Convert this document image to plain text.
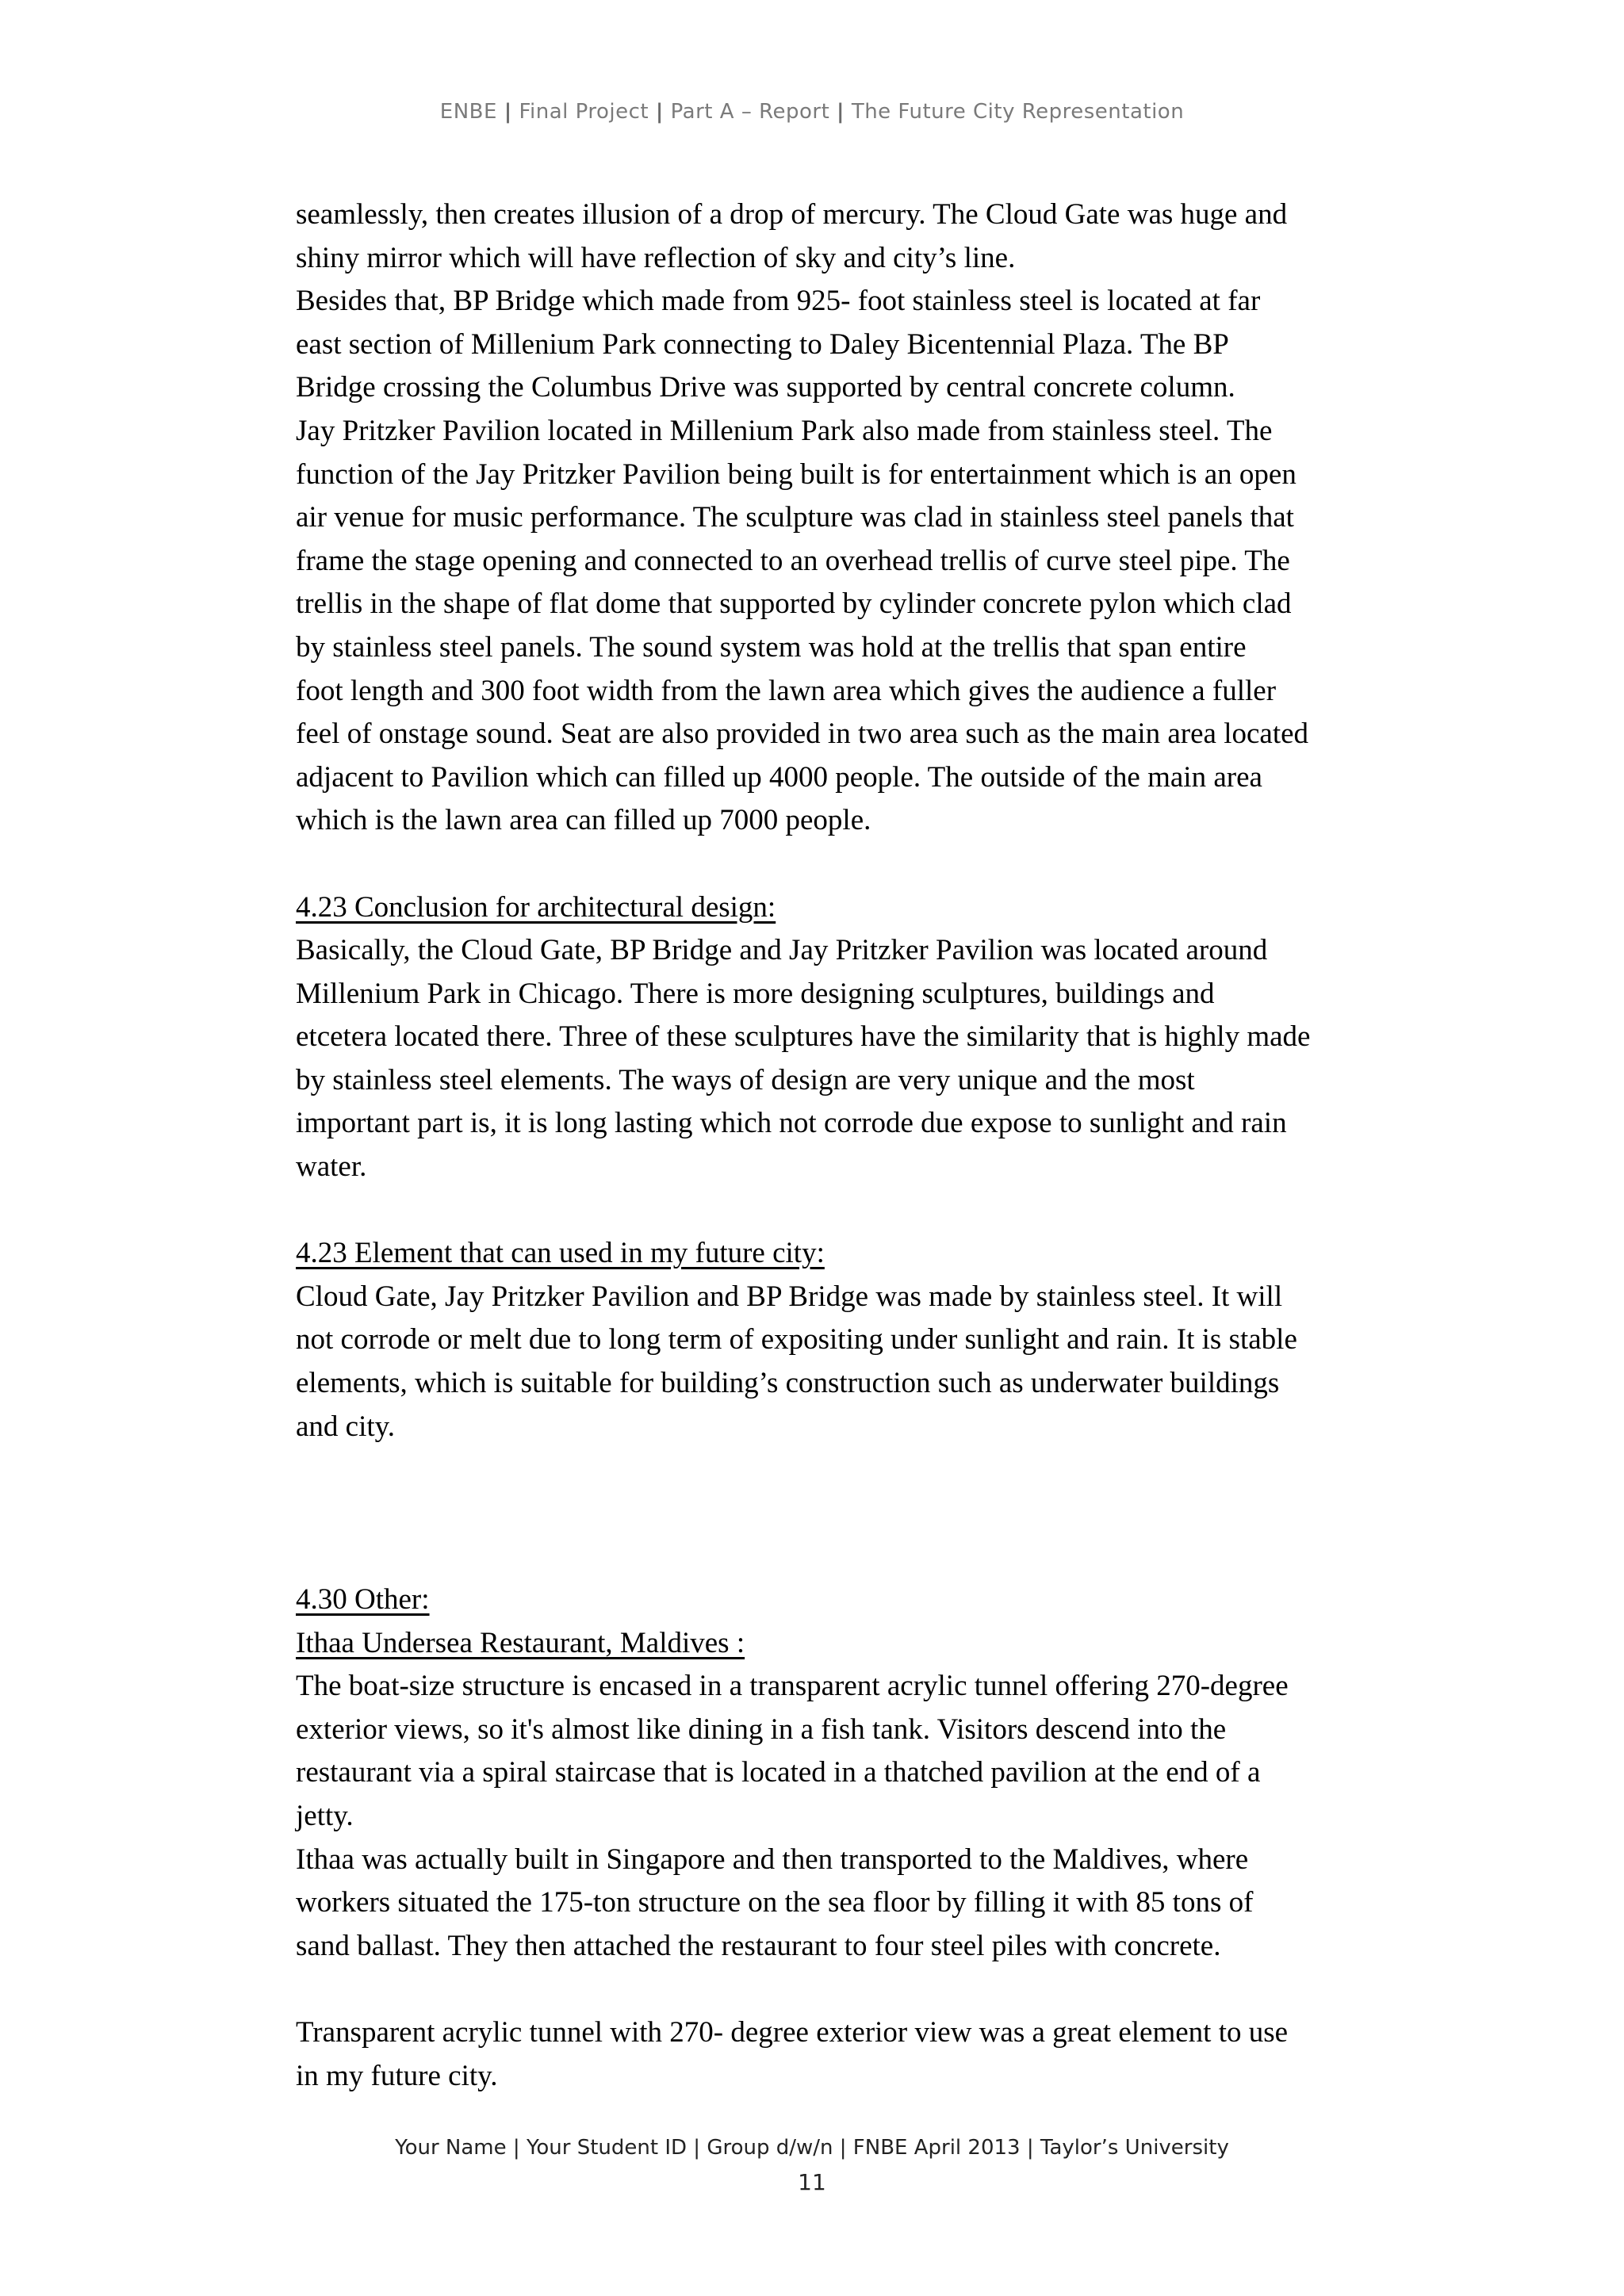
ENBE | Final Project | Part A – Report | The Future City Representation
seamlessly, then creates illusion of a drop of mercury. The Cloud Gate was huge and
shiny mirror which will have reflection of sky and city’s line.
Besides that, BP Bridge which made from 925- foot stainless steel is located at far
east section of Millenium Park connecting to Daley Bicentennial Plaza. The BP
Bridge crossing the Columbus Drive was supported by central concrete column.
Jay Pritzker Pavilion located in Millenium Park also made from stainless steel. The
function of the Jay Pritzker Pavilion being built is for entertainment which is an open
air venue for music performance. The sculpture was clad in stainless steel panels that
frame the stage opening and connected to an overhead trellis of curve steel pipe. The
trellis in the shape of flat dome that supported by cylinder concrete pylon which clad
by stainless steel panels. The sound system was hold at the trellis that span entire
foot length and 300 foot width from the lawn area which gives the audience a fuller
feel of onstage sound. Seat are also provided in two area such as the main area located
adjacent to Pavilion which can filled up 4000 people. The outside of the main area
which is the lawn area can filled up 7000 people.
4.23 Conclusion for architectural design:
Basically, the Cloud Gate, BP Bridge and Jay Pritzker Pavilion was located around
Millenium Park in Chicago. There is more designing sculptures, buildings and
etcetera located there. Three of these sculptures have the similarity that is highly made
by stainless steel elements. The ways of design are very unique and the most
important part is, it is long lasting which not corrode due expose to sunlight and rain
water.
4.23 Element that can used in my future city:
Cloud Gate, Jay Pritzker Pavilion and BP Bridge was made by stainless steel. It will
not corrode or melt due to long term of expositing under sunlight and rain. It is stable
elements, which is suitable for building’s construction such as underwater buildings
and city.
4.30 Other:
Ithaa Undersea Restaurant, Maldives :
The boat-size structure is encased in a transparent acrylic tunnel offering 270-degree
exterior views, so it's almost like dining in a fish tank. Visitors descend into the
restaurant via a spiral staircase that is located in a thatched pavilion at the end of a
jetty.
Ithaa was actually built in Singapore and then transported to the Maldives, where
workers situated the 175-ton structure on the sea floor by filling it with 85 tons of
sand ballast. They then attached the restaurant to four steel piles with concrete.
Transparent acrylic tunnel with 270- degree exterior view was a great element to use
in my future city.
Your Name | Your Student ID | Group d/w/n | FNBE April 2013 | Taylor’s University
11
